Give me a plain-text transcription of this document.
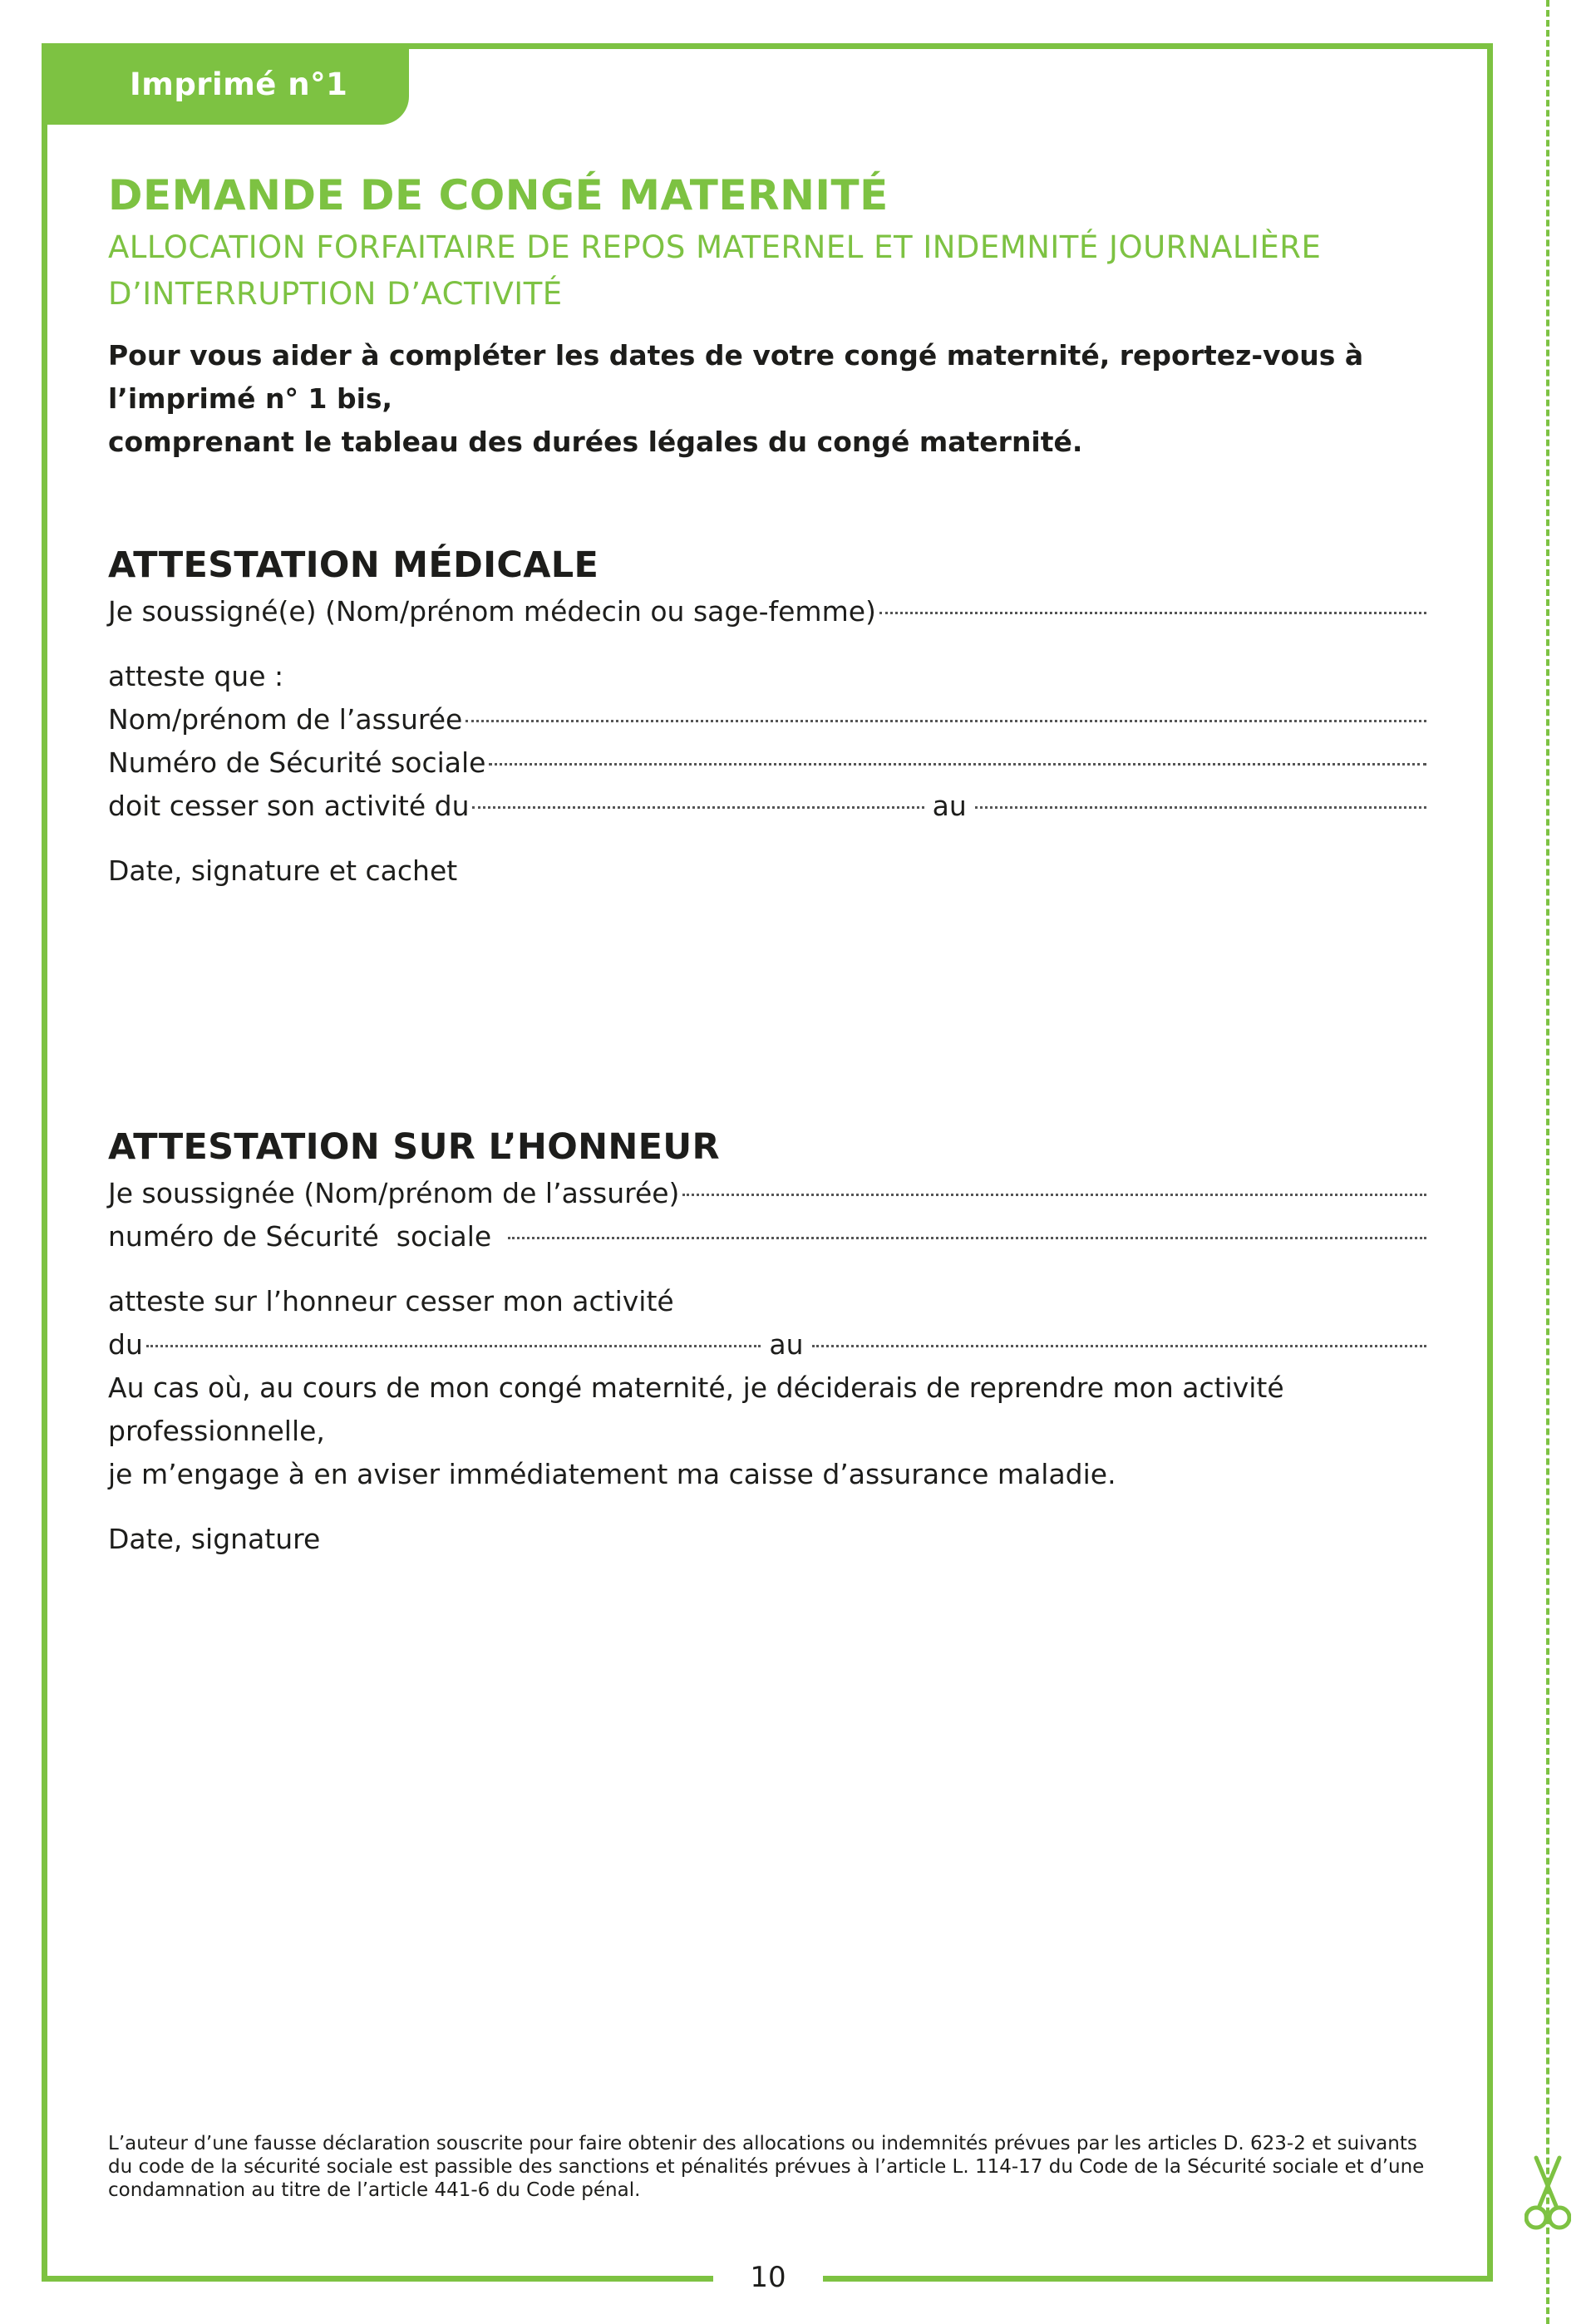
Imprimé n°1
DEMANDE DE CONGÉ MATERNITÉ
ALLOCATION FORFAITAIRE DE REPOS MATERNEL ET INDEMNITÉ JOURNALIÈRE
D’INTERRUPTION D’ACTIVITÉ
Pour vous aider à compléter les dates de votre congé maternité, reportez-vous à l’imprimé n° 1 bis,
comprenant le tableau des durées légales du congé maternité.
ATTESTATION MÉDICALE
Je soussigné(e) (Nom/prénom médecin ou sage-femme)
atteste que :
Nom/prénom de l’assurée
Numéro de Sécurité sociale
doit cesser son activité du	au
Date, signature et cachet
ATTESTATION SUR L’HONNEUR
Je soussignée (Nom/prénom de l’assurée)
numéro de Sécurité  sociale
atteste sur l’honneur cesser mon activité
du	au
Au cas où, au cours de mon congé maternité, je déciderais de reprendre mon activité professionnelle,
je m’engage à en aviser immédiatement ma caisse d’assurance maladie.
Date, signature
L’auteur d’une fausse déclaration souscrite pour faire obtenir des allocations ou indemnités prévues par les articles D. 623-2 et suivants
du code de la sécurité sociale est passible des sanctions et pénalités prévues à l’article L. 114-17 du Code de la Sécurité sociale et d’une
condamnation au titre de l’article 441-6 du Code pénal.
10
